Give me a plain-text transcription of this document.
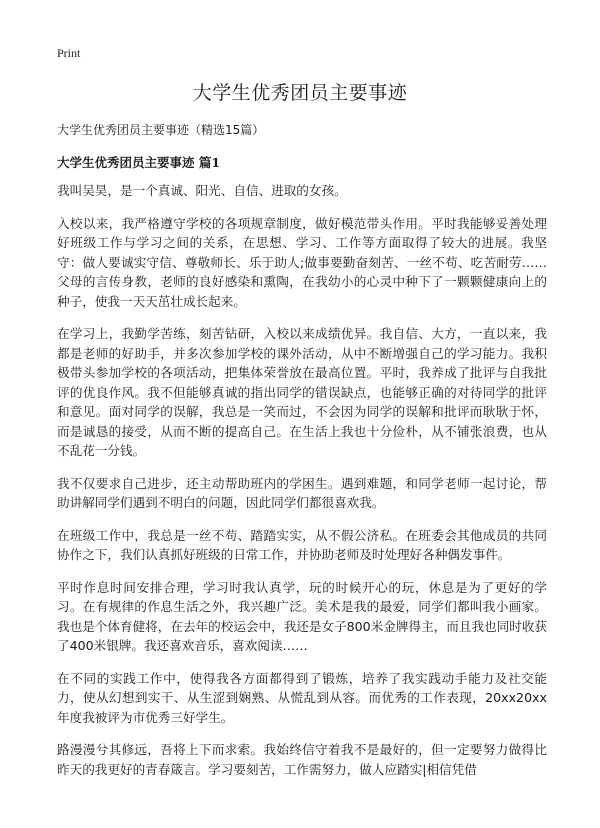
Print
大学生优秀团员主要事迹
大学生优秀团员主要事迹（精选15篇）
大学生优秀团员主要事迹 篇1

我叫吴昊，是一个真诚、阳光、自信、进取的女孩。

入校以来，我严格遵守学校的各项规章制度，做好模范带头作用。平时我能够妥善处理好班级工作与学习之间的关系，在思想、学习、工作等方面取得了较大的进展。我坚守：做人要诚实守信、尊敬师长、乐于助人;做事要勤奋刻苦、一丝不苟、吃苦耐劳……父母的言传身教，老师的良好感染和熏陶，在我幼小的心灵中种下了一颗颗健康向上的种子，使我一天天茁壮成长起来。

在学习上，我勤学苦练，刻苦钻研，入校以来成绩优异。我自信、大方，一直以来，我都是老师的好助手，并多次参加学校的课外活动，从中不断增强自己的学习能力。我积极带头参加学校的各项活动，把集体荣誉放在最高位置。平时，我养成了批评与自我批评的优良作风。我不但能够真诚的指出同学的错误缺点，也能够正确的对待同学的批评和意见。面对同学的误解，我总是一笑而过，不会因为同学的误解和批评而耿耿于怀，而是诚恳的接受，从而不断的提高自己。在生活上我也十分俭朴，从不铺张浪费，也从不乱花一分钱。

我不仅要求自己进步，还主动帮助班内的学困生。遇到难题，和同学老师一起讨论，帮助讲解同学们遇到不明白的问题，因此同学们都很喜欢我。

在班级工作中，我总是一丝不苟、踏踏实实，从不假公济私。在班委会其他成员的共同协作之下，我们认真抓好班级的日常工作，并协助老师及时处理好各种偶发事件。

平时作息时间安排合理，学习时我认真学，玩的时候开心的玩，休息是为了更好的学习。在有规律的作息生活之外，我兴趣广泛。美术是我的最爱，同学们都叫我小画家。我也是个体育健将，在去年的校运会中，我还是女子800米金牌得主，而且我也同时收获了400米银牌。我还喜欢音乐，喜欢阅读……

在不同的实践工作中，使得我各方面都得到了锻炼，培养了我实践动手能力及社交能力，使从幻想到实干、从生涩到娴熟、从慌乱到从容。而优秀的工作表现，20xx20xx年度我被评为市优秀三好学生。

路漫漫兮其修远，吾将上下而求索。我始终信守着我不是最好的，但一定要努力做得比昨天的我更好的青春箴言。学习要刻苦，工作需努力，做人应踏实|相信凭借
